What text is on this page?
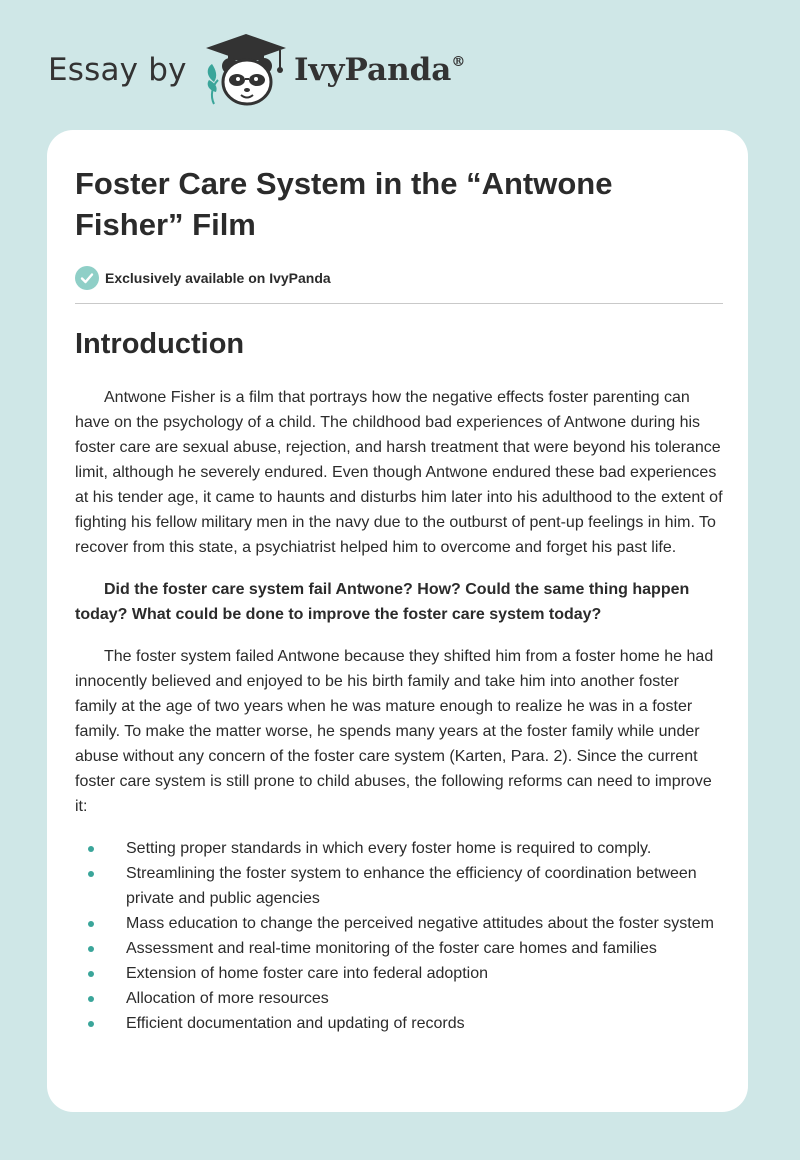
Essay by	IvyPanda®
Foster Care System in the “Antwone Fisher” Film
Exclusively available on IvyPanda
Introduction

Antwone Fisher is a film that portrays how the negative effects foster parenting can have on the psychology of a child. The childhood bad experiences of Antwone during his foster care are sexual abuse, rejection, and harsh treatment that were beyond his tolerance limit, although he severely endured. Even though Antwone endured these bad experiences at his tender age, it came to haunts and disturbs him later into his adulthood to the extent of fighting his fellow military men in the navy due to the outburst of pent-up feelings in him. To recover from this state, a psychiatrist helped him to overcome and forget his past life.

Did the foster care system fail Antwone? How? Could the same thing happen today? What could be done to improve the foster care system today?

The foster system failed Antwone because they shifted him from a foster home he had innocently believed and enjoyed to be his birth family and take him into another foster family at the age of two years when he was mature enough to realize he was in a foster family. To make the matter worse, he spends many years at the foster family while under abuse without any concern of the foster care system (Karten, Para. 2). Since the current foster care system is still prone to child abuses, the following reforms can need to improve it:

Setting proper standards in which every foster home is required to comply.
Streamlining the foster system to enhance the efficiency of coordination between private and public agencies
Mass education to change the perceived negative attitudes about the foster system
Assessment and real-time monitoring of the foster care homes and families
Extension of home foster care into federal adoption
Allocation of more resources
Efficient documentation and updating of records
